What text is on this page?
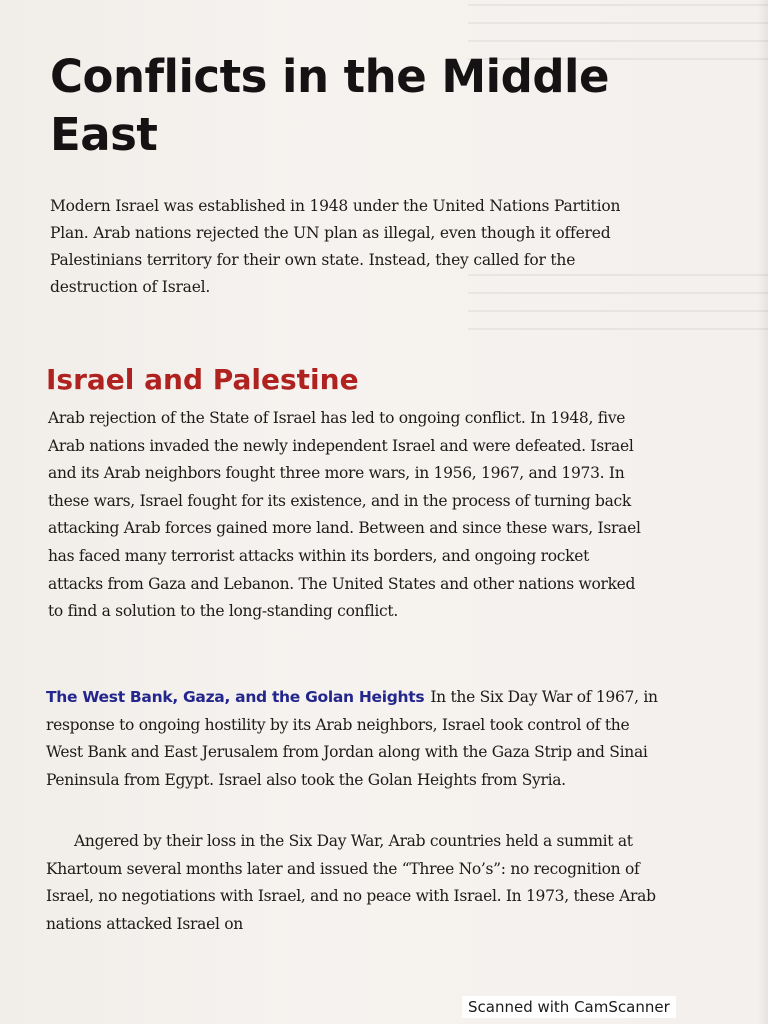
Conflicts in the Middle East

Modern Israel was established in 1948 under the United Nations Partition Plan. Arab nations rejected the UN plan as illegal, even though it offered Palestinians territory for their own state. Instead, they called for the destruction of Israel.

Israel and Palestine

Arab rejection of the State of Israel has led to ongoing conflict. In 1948, five Arab nations invaded the newly independent Israel and were defeated. Israel and its Arab neighbors fought three more wars, in 1956, 1967, and 1973. In these wars, Israel fought for its existence, and in the process of turning back attacking Arab forces gained more land. Between and since these wars, Israel has faced many terrorist attacks within its borders, and ongoing rocket attacks from Gaza and Lebanon. The United States and other nations worked to find a solution to the long-standing conflict.

The West Bank, Gaza, and the Golan Heights In the Six Day War of 1967, in response to ongoing hostility by its Arab neighbors, Israel took control of the West Bank and East Jerusalem from Jordan along with the Gaza Strip and Sinai Peninsula from Egypt. Israel also took the Golan Heights from Syria.

Angered by their loss in the Six Day War, Arab countries held a summit at Khartoum several months later and issued the “Three No’s”: no recognition of Israel, no negotiations with Israel, and no peace with Israel. In 1973, these Arab nations attacked Israel on

Scanned with CamScanner
